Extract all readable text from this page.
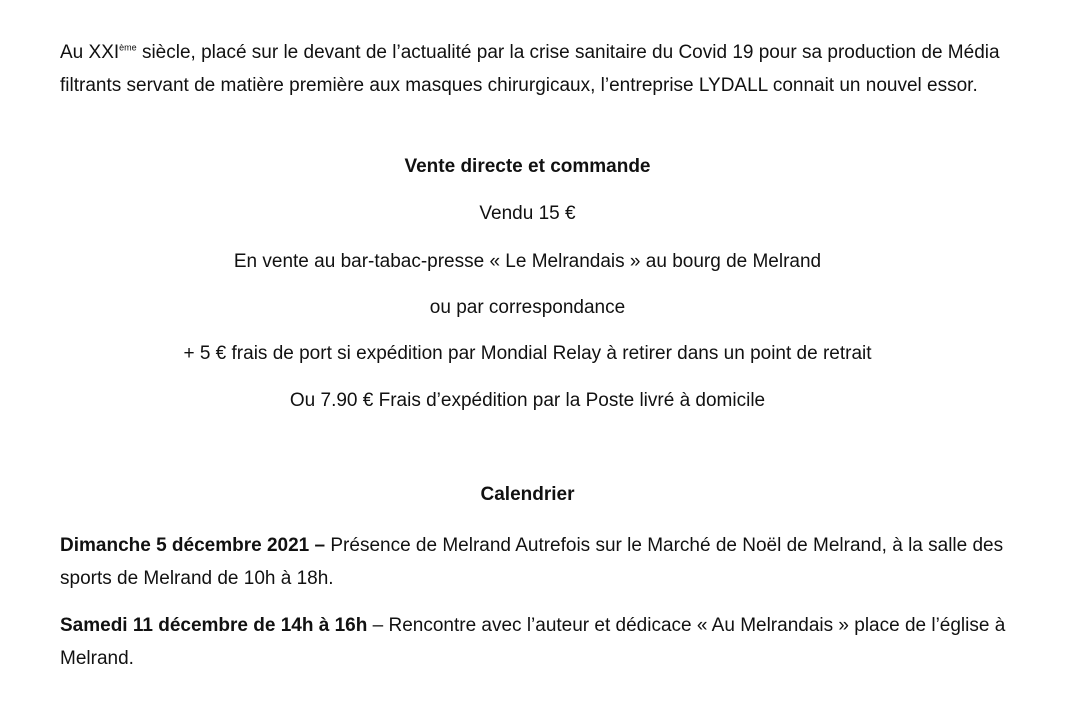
Au XXIème siècle, placé sur le devant de l’actualité par la crise sanitaire du Covid 19 pour sa production de Média filtrants servant de matière première aux masques chirurgicaux, l’entreprise LYDALL connait un nouvel essor.

Vente directe et commande

Vendu 15 €

En vente au bar-tabac-presse « Le Melrandais » au bourg de Melrand

ou par correspondance

+ 5 € frais de port si expédition par Mondial Relay à retirer dans un point de retrait

Ou 7.90 € Frais d’expédition par la Poste livré à domicile

Calendrier

Dimanche 5 décembre 2021 – Présence de Melrand Autrefois sur le Marché de Noël de Melrand, à la salle des sports de Melrand de 10h à 18h.

Samedi 11 décembre de 14h à 16h – Rencontre avec l’auteur et dédicace « Au Melrandais » place de l’église à Melrand.
